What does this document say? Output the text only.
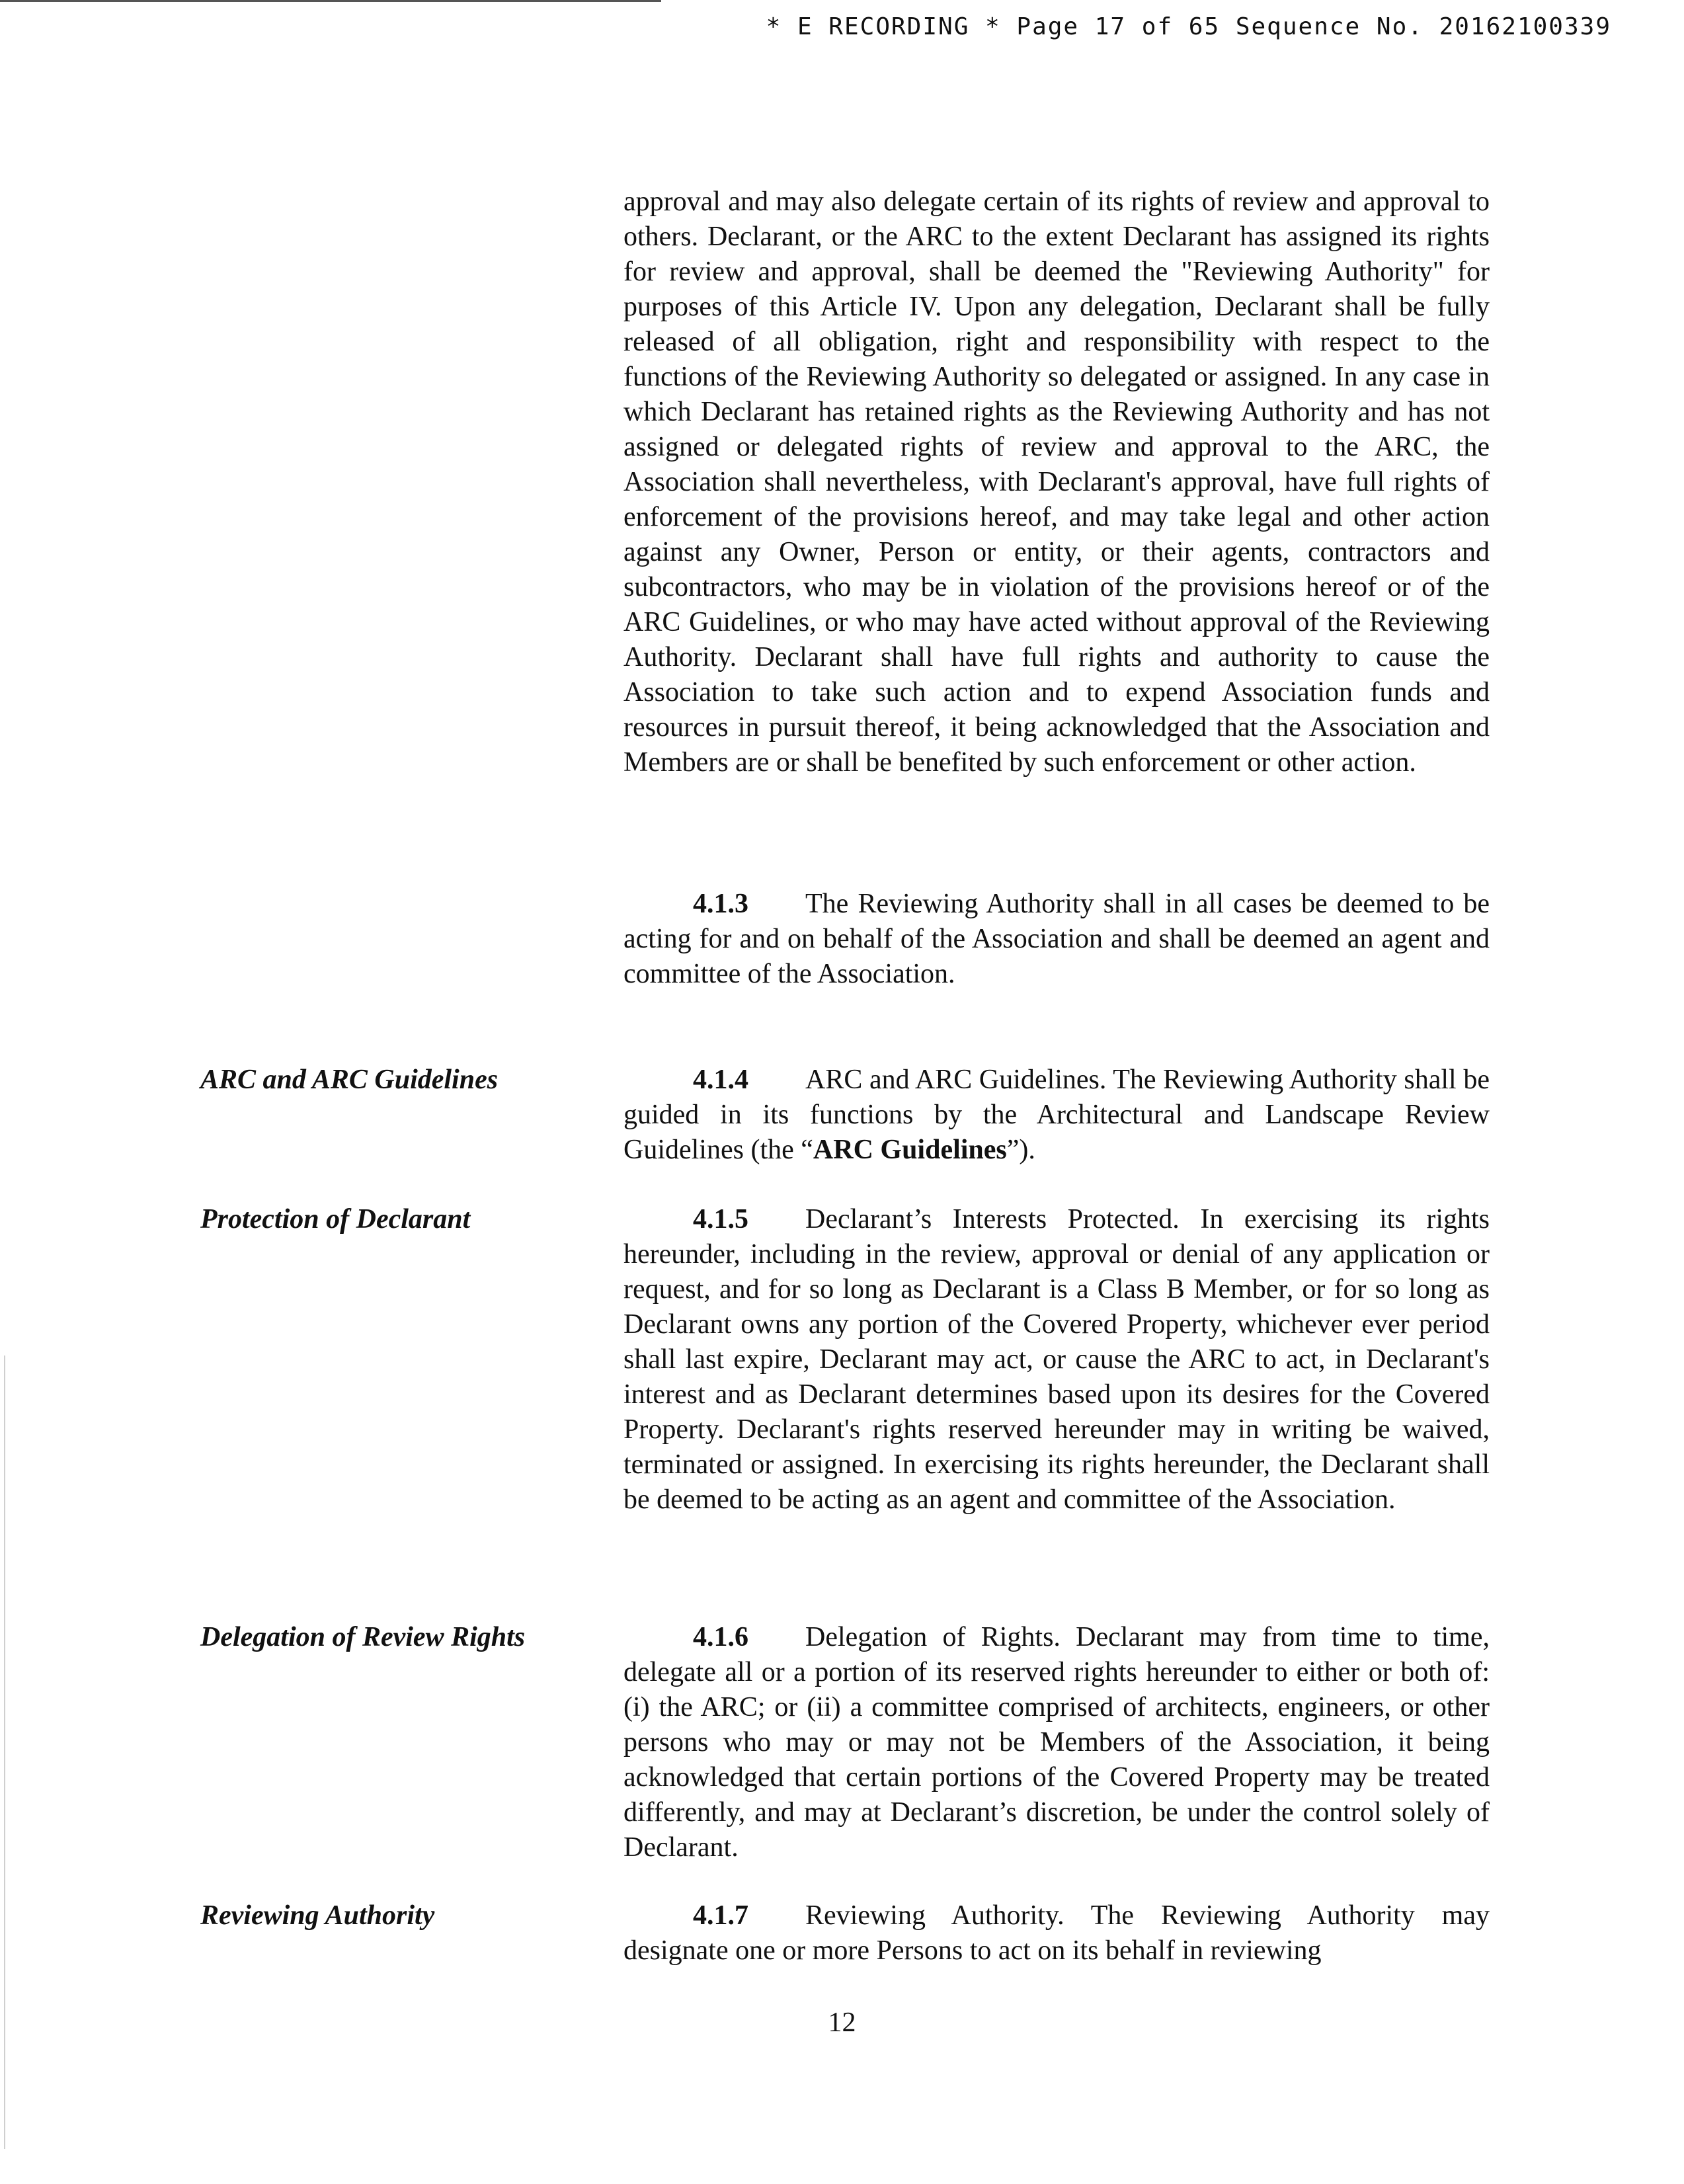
* E RECORDING * Page 17 of 65 Sequence No. 20162100339

approval and may also delegate certain of its rights of review and approval to others. Declarant, or the ARC to the extent Declarant has assigned its rights for review and approval, shall be deemed the "Reviewing Authority" for purposes of this Article IV. Upon any delegation, Declarant shall be fully released of all obligation, right and responsibility with respect to the functions of the Reviewing Authority so delegated or assigned. In any case in which Declarant has retained rights as the Reviewing Authority and has not assigned or delegated rights of review and approval to the ARC, the Association shall nevertheless, with Declarant's approval, have full rights of enforcement of the provisions hereof, and may take legal and other action against any Owner, Person or entity, or their agents, contractors and subcontractors, who may be in violation of the provisions hereof or of the ARC Guidelines, or who may have acted without approval of the Reviewing Authority. Declarant shall have full rights and authority to cause the Association to take such action and to expend Association funds and resources in pursuit thereof, it being acknowledged that the Association and Members are or shall be benefited by such enforcement or other action.

4.1.3 The Reviewing Authority shall in all cases be deemed to be acting for and on behalf of the Association and shall be deemed an agent and committee of the Association.

ARC and ARC Guidelines	4.1.4 ARC and ARC Guidelines. The Reviewing Authority shall be guided in its functions by the Architectural and Landscape Review Guidelines (the “ARC Guidelines”).

Protection of Declarant	4.1.5 Declarant’s Interests Protected. In exercising its rights hereunder, including in the review, approval or denial of any application or request, and for so long as Declarant is a Class B Member, or for so long as Declarant owns any portion of the Covered Property, whichever ever period shall last expire, Declarant may act, or cause the ARC to act, in Declarant's interest and as Declarant determines based upon its desires for the Covered Property. Declarant's rights reserved hereunder may in writing be waived, terminated or assigned. In exercising its rights hereunder, the Declarant shall be deemed to be acting as an agent and committee of the Association.

Delegation of Review Rights	4.1.6 Delegation of Rights. Declarant may from time to time, delegate all or a portion of its reserved rights hereunder to either or both of: (i) the ARC; or (ii) a committee comprised of architects, engineers, or other persons who may or may not be Members of the Association, it being acknowledged that certain portions of the Covered Property may be treated differently, and may at Declarant’s discretion, be under the control solely of Declarant.

Reviewing Authority	4.1.7 Reviewing Authority. The Reviewing Authority may designate one or more Persons to act on its behalf in reviewing

12
